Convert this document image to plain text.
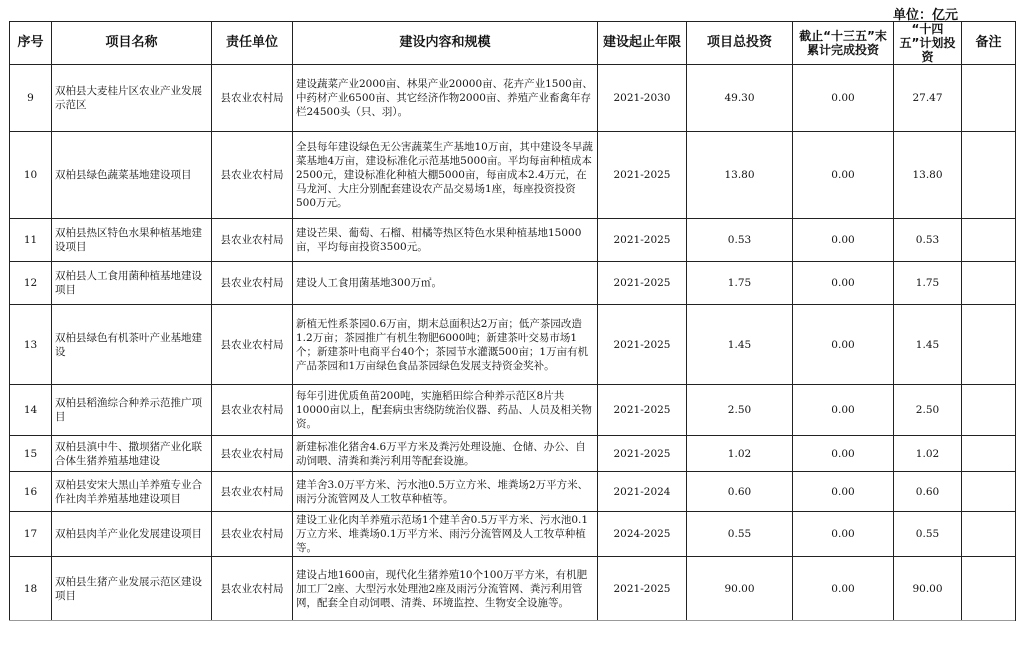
单位：亿元
序号	项目名称	责任单位	建设内容和规模	建设起止年限	项目总投资	截止“十三五”末累计完成投资	“十四五”计划投资	备注
9	双柏县大麦桂片区农业产业发展示范区	县农业农村局	建设蔬菜产业2000亩、林果产业20000亩、花卉产业1500亩、中药材产业6500亩、其它经济作物2000亩、养殖产业畜禽年存栏24500头（只、羽）。	2021-2030	49.30	0.00	27.47	
10	双柏县绿色蔬菜基地建设项目	县农业农村局	全县每年建设绿色无公害蔬菜生产基地10万亩，其中建设冬早蔬菜基地4万亩，建设标准化示范基地5000亩。平均每亩种植成本2500元，建设标准化种植大棚5000亩，每亩成本2.4万元，在马龙河、大庄分别配套建设农产品交易场1座，每座投资投资500万元。	2021-2025	13.80	0.00	13.80	
11	双柏县热区特色水果种植基地建设项目	县农业农村局	建设芒果、葡萄、石榴、柑橘等热区特色水果种植基地15000亩，平均每亩投资3500元。	2021-2025	0.53	0.00	0.53	
12	双柏县人工食用菌种植基地建设项目	县农业农村局	建设人工食用菌基地300万㎡。	2021-2025	1.75	0.00	1.75	
13	双柏县绿色有机茶叶产业基地建设	县农业农村局	新植无性系茶园0.6万亩，期末总面积达2万亩；低产茶园改造1.2万亩；茶园推广有机生物肥6000吨；新建茶叶交易市场1个；新建茶叶电商平台40个；茶园节水灌溉500亩；1万亩有机产品茶园和1万亩绿色食品茶园绿色发展支持资金奖补。	2021-2025	1.45	0.00	1.45	
14	双柏县稻渔综合种养示范推广项目	县农业农村局	每年引进优质鱼苗200吨，实施稻田综合种养示范区8片共10000亩以上，配套病虫害绕防统治仪器、药品、人员及相关物资。	2021-2025	2.50	0.00	2.50	
15	双柏县滇中牛、撒坝猪产业化联合体生猪养殖基地建设	县农业农村局	新建标准化猪舍4.6万平方米及粪污处理设施、仓储、办公、自动饲喂、清粪和粪污利用等配套设施。	2021-2025	1.02	0.00	1.02	
16	双柏县安宋大黑山羊养殖专业合作社肉羊养殖基地建设项目	县农业农村局	建羊舍3.0万平方米、污水池0.5万立方米、堆粪场2万平方米、雨污分流管网及人工牧草种植等。	2021-2024	0.60	0.00	0.60	
17	双柏县肉羊产业化发展建设项目	县农业农村局	建设工业化肉羊养殖示范场1个建羊舍0.5万平方米、污水池0.1万立方米、堆粪场0.1万平方米、雨污分流管网及人工牧草种植等。	2024-2025	0.55	0.00	0.55	
18	双柏县生猪产业发展示范区建设项目	县农业农村局	建设占地1600亩，现代化生猪养殖10个100万平方米，有机肥加工厂2座、大型污水处理池2座及雨污分流管网、粪污利用管网，配套全自动饲喂、清粪、环境监控、生物安全设施等。	2021-2025	90.00	0.00	90.00	
